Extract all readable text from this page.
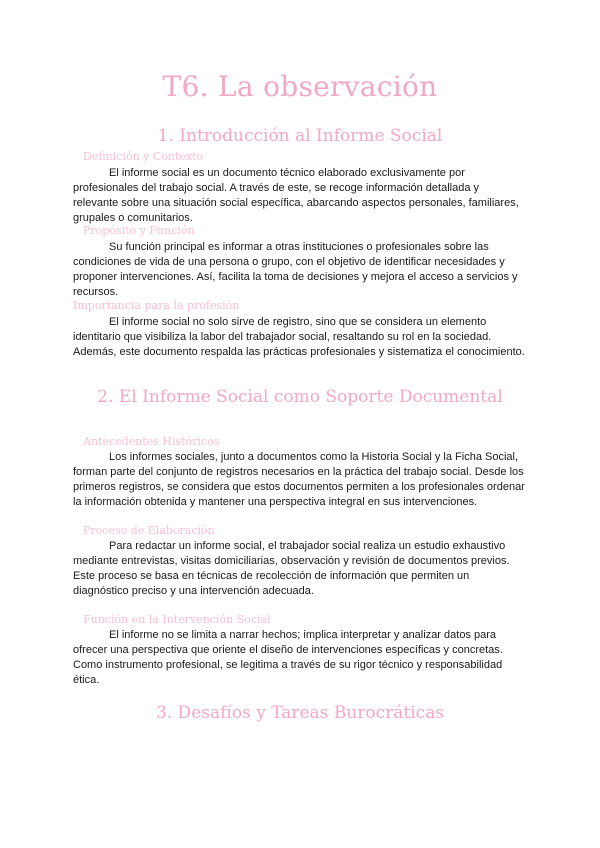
T6. La observación
1. Introducción al Informe Social
Definición y Contexto

El informe social es un documento técnico elaborado exclusivamente por profesionales del trabajo social. A través de este, se recoge información detallada y relevante sobre una situación social específica, abarcando aspectos personales, familiares, grupales o comunitarios.

Propósito y Función

Su función principal es informar a otras instituciones o profesionales sobre las condiciones de vida de una persona o grupo, con el objetivo de identificar necesidades y proponer intervenciones. Así, facilita la toma de decisiones y mejora el acceso a servicios y recursos.

Importancia para la profesión

El informe social no solo sirve de registro, sino que se considera un elemento identitario que visibiliza la labor del trabajador social, resaltando su rol en la sociedad. Además, este documento respalda las prácticas profesionales y sistematiza el conocimiento.

2. El Informe Social como Soporte Documental
Antecedentes Históricos

Los informes sociales, junto a documentos como la Historia Social y la Ficha Social, forman parte del conjunto de registros necesarios en la práctica del trabajo social. Desde los primeros registros, se considera que estos documentos permiten a los profesionales ordenar la información obtenida y mantener una perspectiva integral en sus intervenciones.

Proceso de Elaboración

Para redactar un informe social, el trabajador social realiza un estudio exhaustivo mediante entrevistas, visitas domiciliarias, observación y revisión de documentos previos. Este proceso se basa en técnicas de recolección de información que permiten un diagnóstico preciso y una intervención adecuada.

Función en la Intervención Social

El informe no se limita a narrar hechos; implica interpretar y analizar datos para ofrecer una perspectiva que oriente el diseño de intervenciones específicas y concretas. Como instrumento profesional, se legitima a través de su rigor técnico y responsabilidad ética.

3. Desafíos y Tareas Burocráticas
